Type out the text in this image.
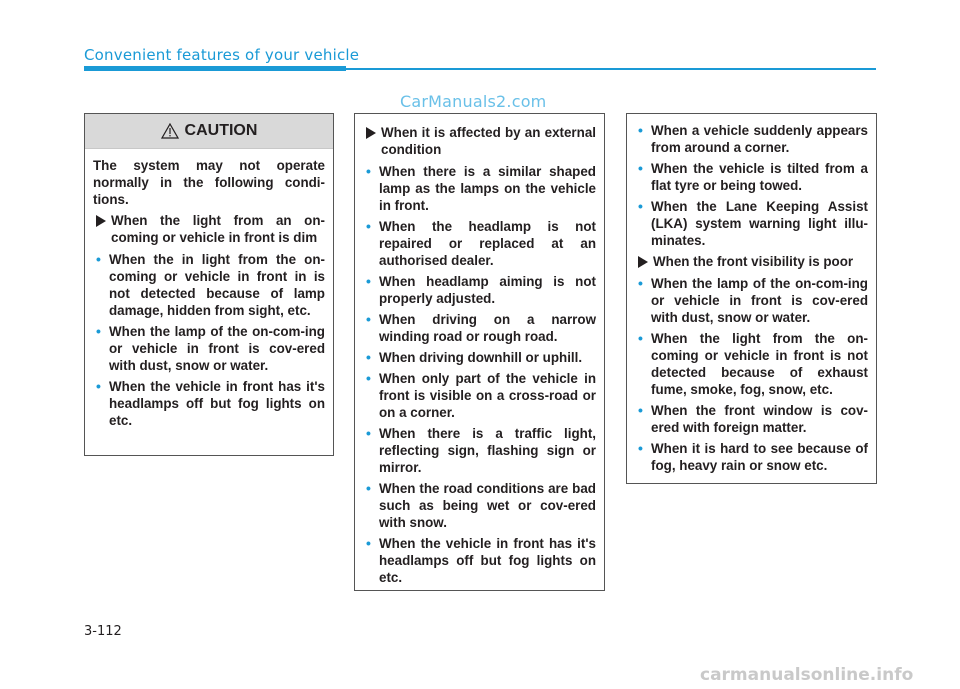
Convenient features of your vehicle
CarManuals2.com
CAUTION

The system may not operate normally in the following condi-tions.

When the light from an on-coming or vehicle in front is dim
• When the in light from the on-coming or vehicle in front in is not detected because of lamp damage, hidden from sight, etc.
• When the lamp of the on-com-ing or vehicle in front is cov-ered with dust, snow or water.
• When the vehicle in front has it's headlamps off but fog lights on etc.
When it is affected by an external condition
• When there is a similar shaped lamp as the lamps on the vehicle in front.
• When the headlamp is not repaired or replaced at an authorised dealer.
• When headlamp aiming is not properly adjusted.
• When driving on a narrow winding road or rough road.
• When driving downhill or uphill.
• When only part of the vehicle in front is visible on a cross-road or on a corner.
• When there is a traffic light, reflecting sign, flashing sign or mirror.
• When the road conditions are bad such as being wet or cov-ered with snow.
• When the vehicle in front has it's headlamps off but fog lights on etc.
• When a vehicle suddenly appears from around a corner.
• When the vehicle is tilted from a flat tyre or being towed.
• When the Lane Keeping Assist (LKA) system warning light illu-minates.
When the front visibility is poor
• When the lamp of the on-com-ing or vehicle in front is cov-ered with dust, snow or water.
• When the light from the on-coming or vehicle in front is not detected because of exhaust fume, smoke, fog, snow, etc.
• When the front window is cov-ered with foreign matter.
• When it is hard to see because of fog, heavy rain or snow etc.
3-112
carmanualsonline.info
